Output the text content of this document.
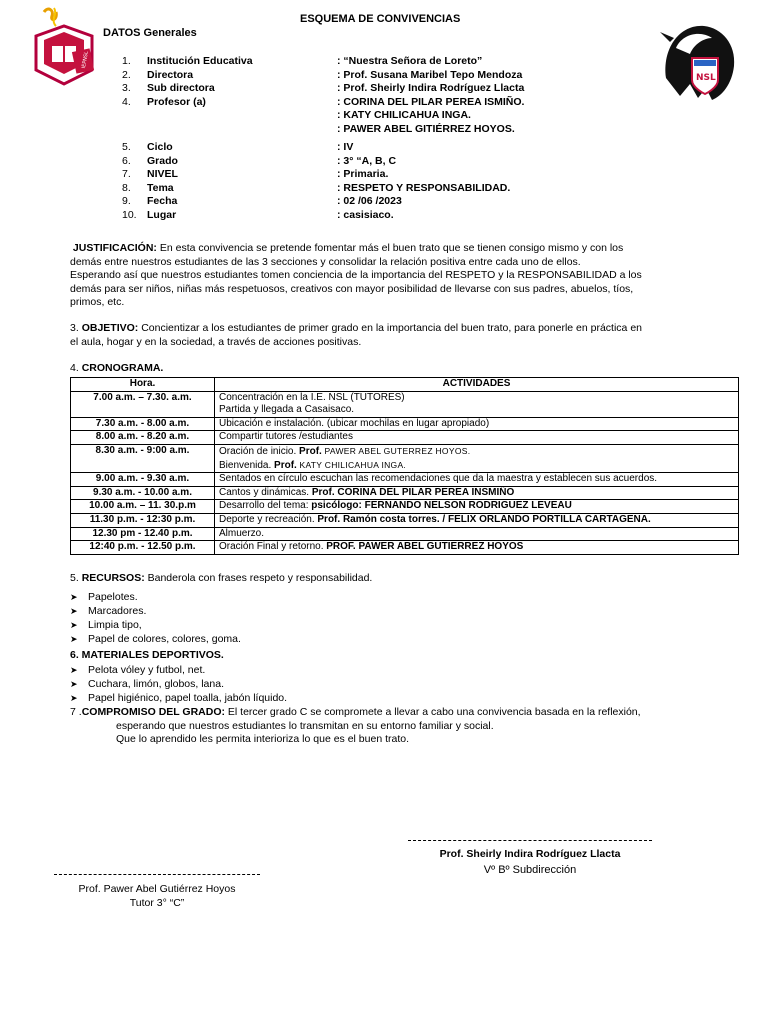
IEPNSL
ESQUEMA DE CONVIVENCIAS
DATOS Generales
NSL
1.	Institución Educativa	: “Nuestra Señora de Loreto”
2.	Directora	: Prof. Susana Maribel Tepo Mendoza
3.	Sub directora	: Prof. Sheirly Indira Rodríguez Llacta
4.	Profesor (a)	: CORINA DEL PILAR PEREA ISMIÑO.
: KATY CHILICAHUA INGA.
: PAWER ABEL GITIÉRREZ HOYOS.
5.	Ciclo	: IV
6.	Grado	: 3° “A, B, C
7.	NIVEL	: Primaria.
8.	Tema	: RESPETO Y RESPONSABILIDAD.
9.	Fecha	: 02 /06 /2023
10. Lugar	: casisiaco.
JUSTIFICACIÓN: En esta convivencia se pretende fomentar más el buen trato que se tienen consigo mismo y con los
demás entre nuestros estudiantes de las 3 secciones y consolidar la relación positiva entre cada uno de ellos.
Esperando así que nuestros estudiantes tomen conciencia de la importancia del RESPETO y la RESPONSABILIDAD a los
demás para ser niños, niñas más respetuosos, creativos con mayor posibilidad de llevarse con sus padres, abuelos, tíos,
primos, etc.
3. OBJETIVO: Concientizar a los estudiantes de primer grado en la importancia del buen trato, para ponerle en práctica en
el aula, hogar y en la sociedad, a través de acciones positivas.
4. CRONOGRAMA.
Hora.	ACTIVIDADES
7.00 a.m. – 7.30. a.m.	Concentración en la I.E. NSL (TUTORES)
Partida y llegada a Casaisaco.

7.30 a.m. - 8.00 a.m.	Ubicación e instalación. (ubicar mochilas en lugar apropiado)
8.00 a.m. - 8.20 a.m.	Compartir tutores /estudiantes
8.30 a.m. - 9:00 a.m.	Oración de inicio. Prof. PAWER ABEL GUTERREZ HOYOS.
Bienvenida. Prof. KATY CHILICAHUA INGA.

9.00 a.m. - 9.30 a.m.	Sentados en círculo escuchan las recomendaciones que da la maestra y establecen sus acuerdos.
9.30 a.m. - 10.00 a.m.	Cantos y dinámicas. Prof. CORINA DEL PILAR PEREA INSMIÑO
10.00 a.m. – 11. 30.p.m	Desarrollo del tema: psicólogo: FERNANDO NELSON RODRIGUEZ LEVEAU
11.30 p.m. - 12:30 p.m.	Deporte y recreación. Prof. Ramón costa torres. / FELIX ORLANDO PORTILLA CARTAGENA.
12.30 pm - 12.40 p.m.	Almuerzo.
12:40 p.m. - 12.50 p.m.	Oración Final y retorno. PROF. PAWER ABEL GUTIERREZ HOYOS
5. RECURSOS: Banderola con frases respeto y responsabilidad.
➤ Papelotes.
➤ Marcadores.
➤ Limpia tipo,
➤ Papel de colores, colores, goma.
6. MATERIALES DEPORTIVOS.
➤ Pelota vóley y futbol, net.
➤ Cuchara, limón, globos, lana.
➤ Papel higiénico, papel toalla, jabón líquido.
7 .COMPROMISO DEL GRADO: El tercer grado C se compromete a llevar a cabo una convivencia basada en la reflexión,
esperando que nuestros estudiantes lo transmitan en su entorno familiar y social.
Que lo aprendido les permita interioriza lo que es el buen trato.
Prof. Sheirly Indira Rodríguez Llacta
Vº Bº Subdirección
Prof. Pawer Abel Gutiérrez Hoyos
Tutor 3° “C”
